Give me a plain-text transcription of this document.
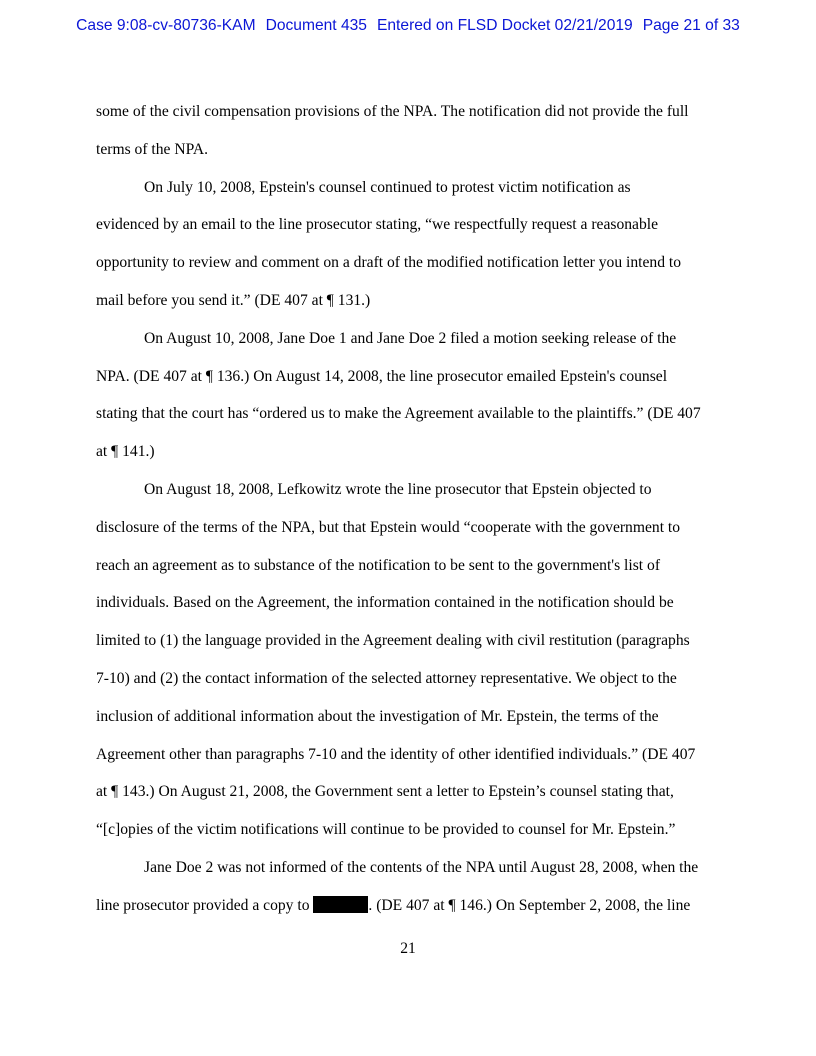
Case 9:08-cv-80736-KAM Document 435 Entered on FLSD Docket 02/21/2019 Page 21 of 33
some of the civil compensation provisions of the NPA. The notification did not provide the full
terms of the NPA.
On July 10, 2008, Epstein's counsel continued to protest victim notification as
evidenced by an email to the line prosecutor stating, “we respectfully request a reasonable
opportunity to review and comment on a draft of the modified notification letter you intend to
mail before you send it.” (DE 407 at ¶ 131.)
On August 10, 2008, Jane Doe 1 and Jane Doe 2 filed a motion seeking release of the
NPA. (DE 407 at ¶ 136.) On August 14, 2008, the line prosecutor emailed Epstein's counsel
stating that the court has “ordered us to make the Agreement available to the plaintiffs.” (DE 407
at ¶ 141.)
On August 18, 2008, Lefkowitz wrote the line prosecutor that Epstein objected to
disclosure of the terms of the NPA, but that Epstein would “cooperate with the government to
reach an agreement as to substance of the notification to be sent to the government's list of
individuals. Based on the Agreement, the information contained in the notification should be
limited to (1) the language provided in the Agreement dealing with civil restitution (paragraphs
7-10) and (2) the contact information of the selected attorney representative. We object to the
inclusion of additional information about the investigation of Mr. Epstein, the terms of the
Agreement other than paragraphs 7-10 and the identity of other identified individuals.” (DE 407
at ¶ 143.) On August 21, 2008, the Government sent a letter to Epstein’s counsel stating that,
“[c]opies of the victim notifications will continue to be provided to counsel for Mr. Epstein.”
Jane Doe 2 was not informed of the contents of the NPA until August 28, 2008, when the
line prosecutor provided a copy to	. (DE 407 at ¶ 146.) On September 2, 2008, the line
21
